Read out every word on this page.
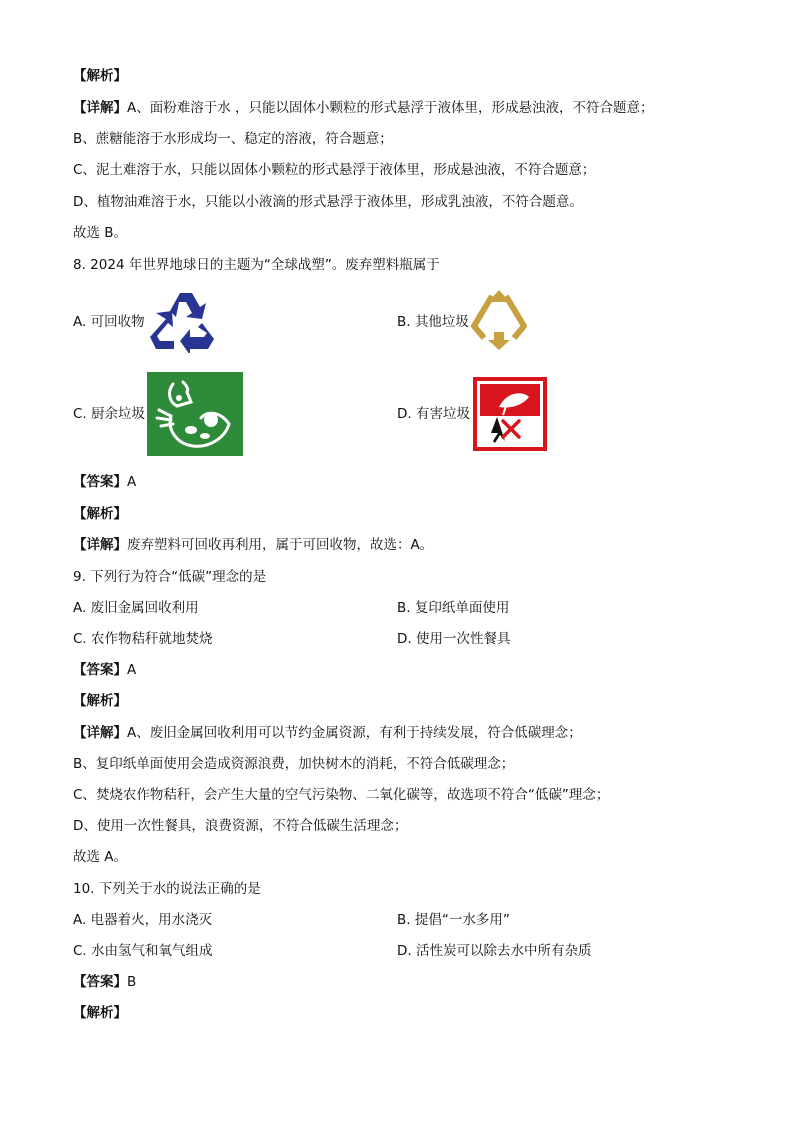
【解析】
【详解】A、面粉难溶于水 ，只能以固体小颗粒的形式悬浮于液体里，形成悬浊液，不符合题意；
B、蔗糖能溶于水形成均一、稳定的溶液，符合题意；
C、泥土难溶于水，只能以固体小颗粒的形式悬浮于液体里，形成悬浊液，不符合题意；
D、植物油难溶于水，只能以小液滴的形式悬浮于液体里，形成乳浊液，不符合题意。
故选 B。
8. 2024 年世界地球日的主题为“全球战塑”。废弃塑料瓶属于
A. 可回收物	B. 其他垃圾
C. 厨余垃圾	D. 有害垃圾
【答案】A
【解析】
【详解】废弃塑料可回收再利用，属于可回收物，故选：A。
9. 下列行为符合“低碳”理念的是
A. 废旧金属回收利用	B. 复印纸单面使用
C. 农作物秸秆就地焚烧	D. 使用一次性餐具
【答案】A
【解析】
【详解】A、废旧金属回收利用可以节约金属资源，有利于持续发展，符合低碳理念；
B、复印纸单面使用会造成资源浪费，加快树木的消耗，不符合低碳理念；
C、焚烧农作物秸秆，会产生大量的空气污染物、二氧化碳等，故选项不符合“低碳”理念；
D、使用一次性餐具，浪费资源，不符合低碳生活理念；
故选 A。
10. 下列关于水的说法正确的是
A. 电器着火，用水浇灭	B. 提倡“一水多用”
C. 水由氢气和氧气组成	D. 活性炭可以除去水中所有杂质
【答案】B
【解析】
